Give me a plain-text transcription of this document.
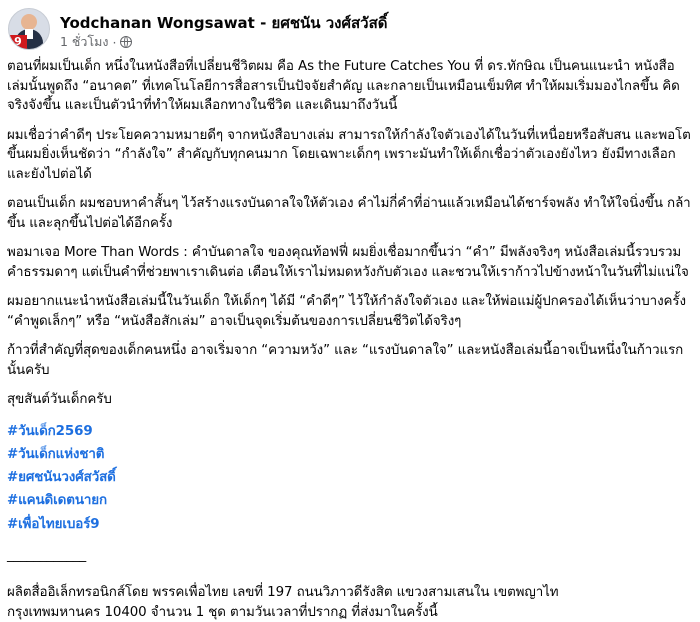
9
Yodchanan Wongsawat - ยศชนัน วงศ์สวัสดิ์
1 ชั่วโมง ·

ตอนที่ผมเป็นเด็ก หนึ่งในหนังสือที่เปลี่ยนชีวิตผม คือ As the Future Catches You ที่ ดร.ทักษิณ เป็นคนแนะนำ หนังสือเล่มนั้นพูดถึง “อนาคต” ที่เทคโนโลยีการสื่อสารเป็นปัจจัยสำคัญ และกลายเป็นเหมือนเข็มทิศ ทำให้ผมเริ่มมองไกลขึ้น คิดจริงจังขึ้น และเป็นตัวนำที่ทำให้ผมเลือกทางในชีวิต และเดินมาถึงวันนี้

ผมเชื่อว่าคำดีๆ ประโยคความหมายดีๆ จากหนังสือบางเล่ม สามารถให้กำลังใจตัวเองได้ในวันที่เหนื่อยหรือสับสน และพอโตขึ้นผมยิ่งเห็นชัดว่า “กำลังใจ” สำคัญกับทุกคนมาก โดยเฉพาะเด็กๆ เพราะมันทำให้เด็กเชื่อว่าตัวเองยังไหว ยังมีทางเลือก และยังไปต่อได้

ตอนเป็นเด็ก ผมชอบหาคำสั้นๆ ไว้สร้างแรงบันดาลใจให้ตัวเอง คำไม่กี่คำที่อ่านแล้วเหมือนได้ชาร์จพลัง ทำให้ใจนิ่งขึ้น กล้าขึ้น และลุกขึ้นไปต่อได้อีกครั้ง

พอมาเจอ More Than Words : คำบันดาลใจ ของคุณท้อฟฟี่ ผมยิ่งเชื่อมากขึ้นว่า “คำ” มีพลังจริงๆ หนังสือเล่มนี้รวบรวมคำธรรมดาๆ แต่เป็นคำที่ช่วยพาเราเดินต่อ เตือนให้เราไม่หมดหวังกับตัวเอง และชวนให้เราก้าวไปข้างหน้าในวันที่ไม่แน่ใจ

ผมอยากแนะนำหนังสือเล่มนี้ในวันเด็ก ให้เด็กๆ ได้มี “คำดีๆ” ไว้ให้กำลังใจตัวเอง และให้พ่อแม่ผู้ปกครองได้เห็นว่าบางครั้ง “คำพูดเล็กๆ” หรือ “หนังสือสักเล่ม” อาจเป็นจุดเริ่มต้นของการเปลี่ยนชีวิตได้จริงๆ

ก้าวที่สำคัญที่สุดของเด็กคนหนึ่ง อาจเริ่มจาก “ความหวัง” และ “แรงบันดาลใจ” และหนังสือเล่มนี้อาจเป็นหนึ่งในก้าวแรกนั้นครับ

สุขสันต์วันเด็กครับ

#วันเด็ก2569
#วันเด็กแห่งชาติ
#ยศชนันวงศ์สวัสดิ์
#แคนดิเดตนายก
#เพื่อไทยเบอร์9
____________

ผลิตสื่ออิเล็กทรอนิกส์โดย พรรคเพื่อไทย เลขที่ 197 ถนนวิภาวดีรังสิต แขวงสามเสนใน เขตพญาไท

กรุงเทพมหานคร 10400 จำนวน 1 ชุด ตามวันเวลาที่ปรากฏ ที่ส่งมาในครั้งนี้
